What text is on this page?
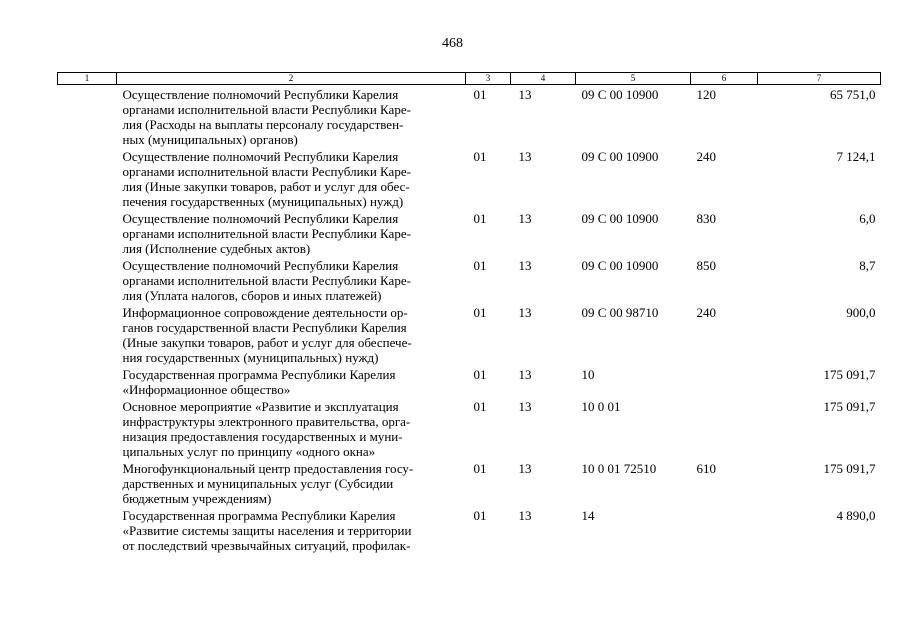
468
1	2	3	4	5	6	7

	Осуществление полномочий Республики Карелия
органами исполнительной власти Республики Каре-
лия (Расходы на выплаты персоналу государствен-
ных (муниципальных) органов)	01	13	09 С 00 10900	120	65 751,0

	Осуществление полномочий Республики Карелия
органами исполнительной власти Республики Каре-
лия (Иные закупки товаров, работ и услуг для обес-
печения государственных (муниципальных) нужд)	01	13	09 С 00 10900	240	7 124,1

	Осуществление полномочий Республики Карелия
органами исполнительной власти Республики Каре-
лия (Исполнение судебных актов)	01	13	09 С 00 10900	830	6,0

	Осуществление полномочий Республики Карелия
органами исполнительной власти Республики Каре-
лия (Уплата налогов, сборов и иных платежей)	01	13	09 С 00 10900	850	8,7

	Информационное сопровождение деятельности ор-
ганов государственной власти Республики Карелия
(Иные закупки товаров, работ и услуг для обеспече-
ния государственных (муниципальных) нужд)	01	13	09 С 00 98710	240	900,0

	Государственная программа Республики Карелия
«Информационное общество»	01	13	10		175 091,7

	Основное мероприятие «Развитие и эксплуатация
инфраструктуры электронного правительства, орга-
низация предоставления государственных и муни-
ципальных услуг по принципу «одного окна»	01	13	10 0 01		175 091,7

	Многофункциональный центр предоставления госу-
дарственных и муниципальных услуг (Субсидии
бюджетным учреждениям)	01	13	10 0 01 72510	610	175 091,7

	Государственная программа Республики Карелия
«Развитие системы защиты населения и территории
от последствий чрезвычайных ситуаций, профилак-	01	13	14		4 890,0
